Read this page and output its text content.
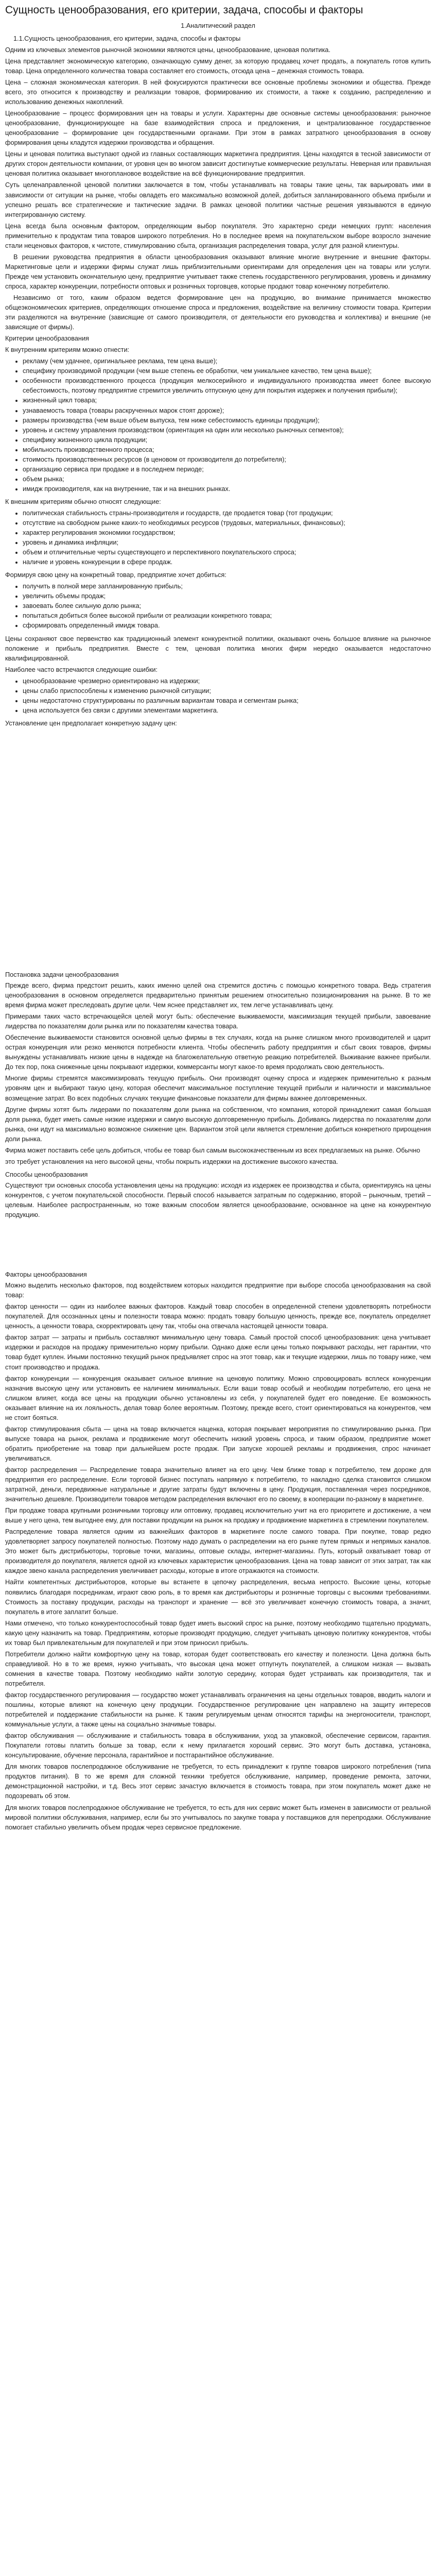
Сущность ценообразования, его критерии, задача, способы и факторы

1.Аналитический раздел

1.1.Сущность ценообразования, его критерии, задача, способы и факторы

Одним из ключевых элементов рыночной экономики являются цены, ценообразование, ценовая политика.

Цена представляет экономическую категорию, означающую сумму денег, за которую продавец хочет продать, а покупатель готов купить товар. Цена определенного количества товара составляет его стоимость, отсюда цена – денежная стоимость товара.

Цена – сложная экономическая категория. В ней фокусируются практически все основные проблемы экономики и общества. Прежде всего, это относится к производству и реализации товаров, формированию их стоимости, а также к созданию, распределению и использованию денежных накоплений.

Ценообразование – процесс формирования цен на товары и услуги. Характерны две основные системы ценообразования: рыночное ценообразование, функционирующее на базе взаимодействия спроса и предложения, и централизованное государственное ценообразование – формирование цен государственными органами. При этом в рамках затратного ценообразования в основу формирования цены кладутся издержки производства и обращения.

Цены и ценовая политика выступают одной из главных составляющих маркетинга предприятия. Цены находятся в тесной зависимости от других сторон деятельности компании, от уровня цен во многом зависит достигнутые коммерческие результаты. Неверная или правильная ценовая политика оказывает многоплановое воздействие на всё функционирование предприятия.

Суть целенаправленной ценовой политики заключается в том, чтобы устанавливать на товары такие цены, так варьировать ими в зависимости от ситуации на рынке, чтобы овладеть его максимально возможной долей, добиться запланированного объема прибыли и успешно решать все стратегические и тактические задачи. В рамках ценовой политики частные решения увязываются в единую интегрированную систему.

Цена всегда была основным фактором, определяющим выбор покупателя. Это характерно среди немецких групп: населения применительно к продуктам типа товаров широкого потребления. Но в последнее время на покупательском выборе возросло значение стали неценовых факторов, к чистоте, стимулированию сбыта, организация распределения товара, услуг для разной клиентуры.

В решении руководства предприятия в области ценообразования оказывают влияние многие внутренние и внешние факторы. Маркетинговые цели и издержки фирмы служат лишь приблизительными ориентирами для определения цен на товары или услуги. Прежде чем установить окончательную цену, предприятие учитывает также степень государственного регулирования, уровень и динамику спроса, характер конкуренции, потребности оптовых и розничных торговцев, которые продают товар конечному потребителю.

Независимо от того, каким образом ведется формирование цен на продукцию, во внимание принимается множество общеэкономических критериев, определяющих отношение спроса и предложения, воздействие на величину стоимости товара. Критерии эти разделяются на внутренние (зависящие от самого производителя, от деятельности его руководства и коллектива) и внешние (не зависящие от фирмы).

Критерии ценообразования

К внутренним критериям можно отнести:

• рекламу (чем удачнее, оригинальнее реклама, тем цена выше);
• специфику производимой продукции (чем выше степень ее обработки, чем уникальнее качество, тем цена выше);
• особенности производственного процесса (продукция мелкосерийного и индивидуального производства имеет более высокую себестоимость, поэтому предприятие стремится увеличить отпускную цену для покрытия издержек и получения прибыли);
• жизненный цикл товара;
• узнаваемость товара (товары раскрученных марок стоят дороже);
• размеры производства (чем выше объем выпуска, тем ниже себестоимость единицы продукции);
• уровень и систему управления производством (ориентация на один или несколько рыночных сегментов);
• специфику жизненного цикла продукции;
• мобильность производственного процесса;
• стоимость производственных ресурсов (в ценовом от производителя до потребителя);
• организацию сервиса при продаже и в последнем периоде;
• объем рынка;
• имидж производителя, как на внутренние, так и на внешних рынках.

К внешним критериям обычно относят следующие:

• политическая стабильность страны-производителя и государств, где продается товар (тот продукции;
• отсутствие на свободном рынке каких-то необходимых ресурсов (трудовых, материальных, финансовых);
• характер регулирования экономики государством;
• уровень и динамика инфляции;
• объем и отличительные черты существующего и перспективного покупательского спроса;
• наличие и уровень конкуренции в сфере продаж.

Формируя свою цену на конкретный товар, предприятие хочет добиться:

• получить в полной мере запланированную прибыль;
• увеличить объемы продаж;
• завоевать более сильную долю рынка;
• попытаться добиться более высокой прибыли от реализации конкретного товара;
• сформировать определенный имидж товара.

Цены сохраняют свое первенство как традиционный элемент конкурентной политики, оказывают очень большое влияние на рыночное положение и прибыль предприятия. Вместе с тем, ценовая политика многих фирм нередко оказывается недостаточно квалифицированной.

Наиболее часто встречаются следующие ошибки:

• ценообразование чрезмерно ориентировано на издержки;
• цены слабо приспособлены к изменению рыночной ситуации;
• цены недостаточно структурированы по различным вариантам товара и сегментам рынка;
• цена используется без связи с другими элементами маркетинга.

Установление цен предполагает конкретную задачу цен:

Постановка задачи ценообразования

Прежде всего, фирма предстоит решить, каких именно целей она стремится достичь с помощью конкретного товара. Ведь стратегия ценообразования в основном определяется предварительно принятым решением относительно позиционирования на рынке. В то же время фирма может преследовать другие цели. Чем яснее представляет их, тем легче устанавливать цену.

Примерами таких часто встречающейся целей могут быть: обеспечение выживаемости, максимизация текущей прибыли, завоевание лидерства по показателям доли рынка или по показателям качества товара.

Обеспечение выживаемости становится основной целью фирмы в тех случаях, когда на рынке слишком много производителей и царит острая конкуренция или резко меняются потребности клиента. Чтобы обеспечить работу предприятия и сбыт своих товаров, фирмы вынуждены устанавливать низкие цены в надежде на благожелательную ответную реакцию потребителей. Выживание важнее прибыли. До тех пор, пока сниженные цены покрывают издержки, коммерсанты могут какое-то время продолжать свою деятельность.

Многие фирмы стремятся максимизировать текущую прибыль. Они производят оценку спроса и издержек применительно к разным уровням цен и выбирают такую цену, которая обеспечит максимальное поступление текущей прибыли и наличности и максимальное возмещение затрат. Во всех подобных случаях текущие финансовые показатели для фирмы важнее долговременных.

Другие фирмы хотят быть лидерами по показателям доли рынка на собственном, что компания, которой принадлежит самая большая доля рынка, будет иметь самые низкие издержки и самую высокую долговременную прибыль. Добиваясь лидерства по показателям доли рынка, они идут на максимально возможное снижение цен. Вариантом этой цели является стремление добиться конкретного прирощения доли рынка.

Фирма может поставить себе цель добиться, чтобы ее товар был самым высококачественным из всех предлагаемых на рынке. Обычно

это требует установления на него высокой цены, чтобы покрыть издержки на достижение высокого качества.

Способы ценообразования

Существуют три основных способа установления цены на продукцию: исходя из издержек ее производства и сбыта, ориентируясь на цены конкурентов, с учетом покупательской способности. Первый способ называется затратным по содержанию, второй – рыночным, третий – целевым. Наиболее распространенным, но тоже важным способом является ценообразование, основанное на цене на конкурентную продукцию.

Факторы ценообразования

Можно выделить несколько факторов, под воздействием которых находится предприятие при выборе способа ценообразования на свой товар:

фактор ценности — один из наиболее важных факторов. Каждый товар способен в определенной степени удовлетворять потребности покупателей. Для осознанных цены и полезности товара можно: продать товару большую ценность, прежде все, покупатель определяет ценность, а ценности товара, скорректировать цену так, чтобы она отвечала настоящей ценности товара.

фактор затрат — затраты и прибыль составляют минимальную цену товара. Самый простой способ ценообразования: цена учитывает издержки и расходов на продажу применительно норму прибыли. Однако даже если цены только покрывают расходы, нет гарантии, что товар будет куплен. Иными постоянно текущий рынок предъявляет спрос на этот товар, как и текущие издержки, лишь по товару ниже, чем стоит производство и продажа.

фактор конкуренции — конкуренция оказывает сильное влияние на ценовую политику. Можно спровоцировать всплеск конкуренции назначив высокую цену или установить ее наличием минимальных. Если ваши товар особый и необходим потребителю, его цена не слишком влияет, когда все цены на продукции обычно установлены из себя, у покупателей будет его поведение. Ее возможность оказывает влияние на их лояльность, делая товар более вероятным. Поэтому, прежде всего, стоит ориентироваться на конкурентов, чем не стоит бояться.

фактор стимулирования сбыта — цена на товар включается наценка, которая покрывает мероприятия по стимулированию рынка. При выпуске товара на рынок, реклама и продвижение могут обеспечить низкий уровень спроса, и таким образом, предприятие может обратить приобретение на товар при дальнейшем росте продаж. При запуске хорошей рекламы и продвижения, спрос начинает увеличиваться.

фактор распределения — Распределение товара значительно влияет на его цену. Чем ближе товар к потребителю, тем дороже для предприятия его распределение. Если торговой бизнес поступать напрямую к потребителю, то накладно сделка становится слишком затратной, деньги, передвижные натуральные и другие затраты будут включены в цену. Продукция, поставленная через посредников, значительно дешевле. Производители товаров методом распределения включают его по своему, в кооперации по-разному в маркетинге.

При продаже товара крупными розничными торговцу или оптовику, продавец исключительно учит на его приоритете и достижение, а чем выше у него цена, тем выгоднее ему, для поставки продукции на рынок на продажу и продвижение маркетинга в стремлении покупателем.

Распределение товара является одним из важнейших факторов в маркетинге после самого товара. При покупке, товар редко удовлетворяет запросу покупателей полностью. Поэтому надо думать о распределении на его рынке путем прямых и непрямых каналов. Это может быть дистрибьюторы, торговые точки, магазины, оптовые склады, интернет-магазины. Путь, который охватывает товар от производителя до покупателя, является одной из ключевых характеристик ценообразования. Цена на товар зависит от этих затрат, так как каждое звено канала распределения увеличивает расходы, которые в итоге отражаются на стоимости.

Найти компетентных дистрибьюторов, которые вы встанете в цепочку распределения, весьма непросто. Высокие цены, которые появились благодаря посредникам, играют свою роль, в то время как дистрибьюторы и розничные торговцы с высокими требованиями. Стоимость за поставку продукции, расходы на транспорт и хранение — всё это увеличивает конечную стоимость товара, а значит, покупатель в итоге заплатит больше.

Нами отмечено, что только конкурентоспособный товар будет иметь высокий спрос на рынке, поэтому необходимо тщательно продумать, какую цену назначить на товар. Предприятиям, которые производят продукцию, следует учитывать ценовую политику конкурентов, чтобы их товар был привлекательным для покупателей и при этом приносил прибыль.

Потребители должно найти комфортную цену на товар, которая будет соответствовать его качеству и полезности. Цена должна быть справедливой. Но в то же время, нужно учитывать, что высокая цена может отпугнуть покупателей, а слишком низкая — вызвать сомнения в качестве товара. Поэтому необходимо найти золотую середину, которая будет устраивать как производителя, так и потребителя.

фактор государственного регулирования — государство может устанавливать ограничения на цены отдельных товаров, вводить налоги и пошлины, которые влияют на конечную цену продукции. Государственное регулирование цен направлено на защиту интересов потребителей и поддержание стабильности на рынке. К таким регулируемым ценам относятся тарифы на энергоносители, транспорт, коммунальные услуги, а также цены на социально значимые товары.

фактор обслуживания — обслуживание и стабильность товара в обслуживании, уход за упаковкой, обеспечение сервисом, гарантия. Покупатели готовы платить больше за товар, если к нему прилагается хороший сервис. Это могут быть доставка, установка, консультирование, обучение персонала, гарантийное и постгарантийное обслуживание.

Для многих товаров послепродажное обслуживание не требуется, то есть принадлежит к группе товаров широкого потребления (типа продуктов питания). В то же время для сложной техники требуется обслуживание, например, проведение ремонта, заточки, демонстрационной настройки, и т.д. Весь этот сервис зачастую включается в стоимость товара, при этом покупатель может даже не подозревать об этом.

Для многих товаров послепродажное обслуживание не требуется, то есть для них сервис может быть изменен в зависимости от реальной мировой политики обслуживания, например, если бы это учитывалось по закупке товара у поставщиков для перепродажи. Обслуживание помогает стабильно увеличить объем продаж через сервисное предложение.
